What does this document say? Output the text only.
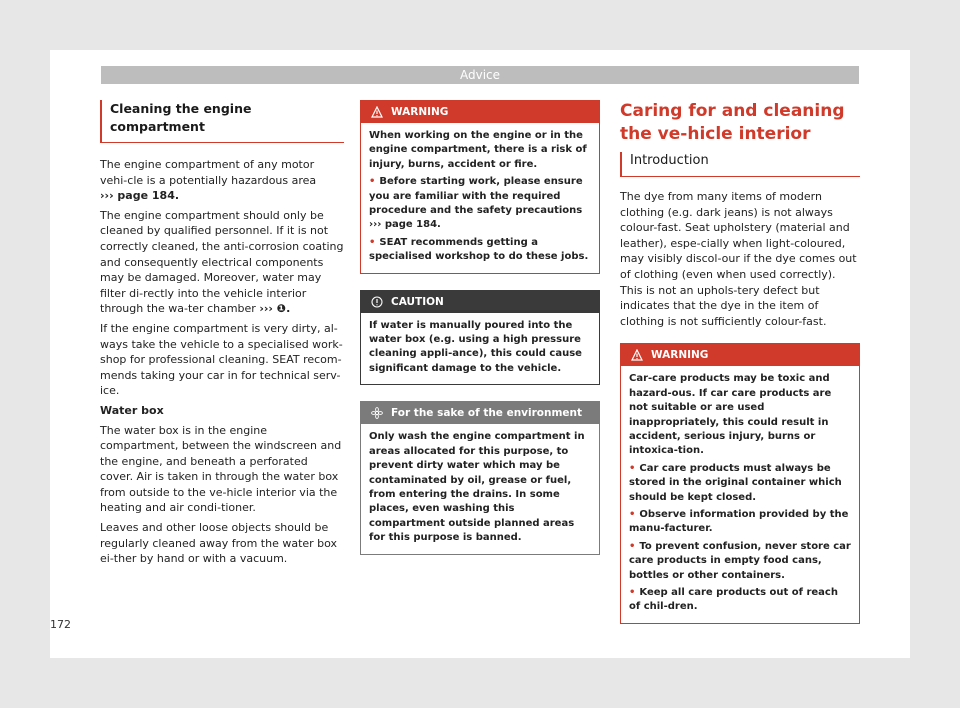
Advice
Cleaning the engine compartment

The engine compartment of any motor vehi-cle is a potentially hazardous area
››› page 184.

The engine compartment should only be cleaned by qualified personnel. If it is not correctly cleaned, the anti-corrosion coating and consequently electrical components may be damaged. Moreover, water may filter di-rectly into the vehicle interior through the wa-ter chamber ››› ❶.

If the engine compartment is very dirty, al-ways take the vehicle to a specialised work-shop for professional cleaning. SEAT recom-mends taking your car in for technical serv-ice.

Water box

The water box is in the engine compartment, between the windscreen and the engine, and beneath a perforated cover. Air is taken in through the water box from outside to the ve-hicle interior via the heating and air condi-tioner.

Leaves and other loose objects should be regularly cleaned away from the water box ei-ther by hand or with a vacuum.

WARNING
When working on the engine or in the engine compartment, there is a risk of injury, burns, accident or fire.
• Before starting work, please ensure you are familiar with the required procedure and the safety precautions ››› page 184.
• SEAT recommends getting a specialised workshop to do these jobs.
CAUTION
If water is manually poured into the water box (e.g. using a high pressure cleaning appli-ance), this could cause significant damage to the vehicle.
For the sake of the environment
Only wash the engine compartment in areas allocated for this purpose, to prevent dirty water which may be contaminated by oil, grease or fuel, from entering the drains. In some places, even washing this compartment outside planned areas for this purpose is banned.
Caring for and cleaning the ve-hicle interior
Introduction

The dye from many items of modern clothing (e.g. dark jeans) is not always colour-fast. Seat upholstery (material and leather), espe-cially when light-coloured, may visibly discol-our if the dye comes out of clothing (even when used correctly). This is not an uphols-tery defect but indicates that the dye in the item of clothing is not sufficiently colour-fast.

WARNING
Car-care products may be toxic and hazard-ous. If car care products are not suitable or are used inappropriately, this could result in accident, serious injury, burns or intoxica-tion.
• Car care products must always be stored in the original container which should be kept closed.
• Observe information provided by the manu-facturer.
• To prevent confusion, never store car care products in empty food cans, bottles or other containers.
• Keep all care products out of reach of chil-dren.
172
